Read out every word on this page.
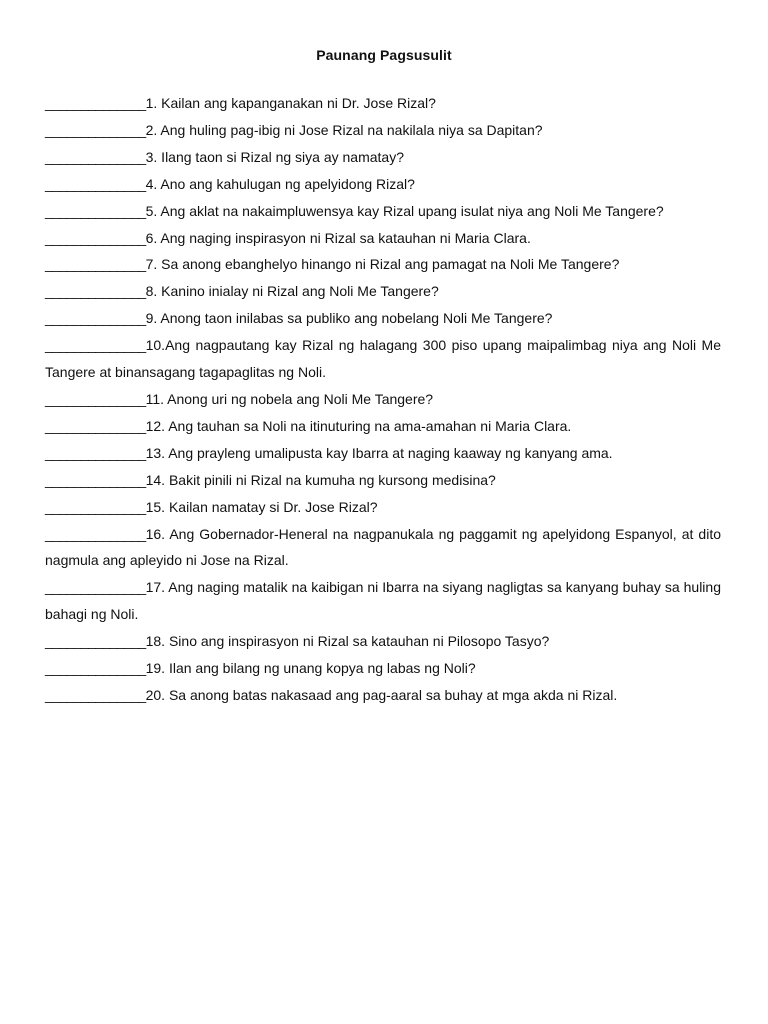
Paunang Pagsusulit

______________1. Kailan ang kapanganakan ni Dr. Jose Rizal?

______________2. Ang huling pag-ibig ni Jose Rizal na nakilala niya sa Dapitan?

______________3. Ilang taon si Rizal ng siya ay namatay?

______________4. Ano ang kahulugan ng apelyidong Rizal?

______________5. Ang aklat na nakaimpluwensya kay Rizal upang isulat niya ang Noli Me Tangere?

______________6. Ang naging inspirasyon ni Rizal sa katauhan ni Maria Clara.

______________7. Sa anong ebanghelyo hinango ni Rizal ang pamagat na Noli Me Tangere?

______________8. Kanino inialay ni Rizal ang Noli Me Tangere?

______________9. Anong taon inilabas sa publiko ang nobelang Noli Me Tangere?

______________10.Ang nagpautang kay Rizal ng halagang 300 piso upang maipalimbag niya ang Noli Me Tangere at binansagang tagapaglitas ng Noli.

______________11. Anong uri ng nobela ang Noli Me Tangere?

______________12. Ang tauhan sa Noli na itinuturing na ama-amahan ni Maria Clara.

______________13. Ang prayleng umalipusta kay Ibarra at naging kaaway ng kanyang ama.

______________14. Bakit pinili ni Rizal na kumuha ng kursong medisina?

______________15. Kailan namatay si Dr. Jose Rizal?

______________16. Ang Gobernador-Heneral na nagpanukala ng paggamit ng apelyidong Espanyol, at dito nagmula ang apleyido ni Jose na Rizal.

______________17. Ang naging matalik na kaibigan ni Ibarra na siyang nagligtas sa kanyang buhay sa huling bahagi ng Noli.

______________18. Sino ang inspirasyon ni Rizal sa katauhan ni Pilosopo Tasyo?

______________19. Ilan ang bilang ng unang kopya ng labas ng Noli?

______________20. Sa anong batas nakasaad ang pag-aaral sa buhay at mga akda ni Rizal.
